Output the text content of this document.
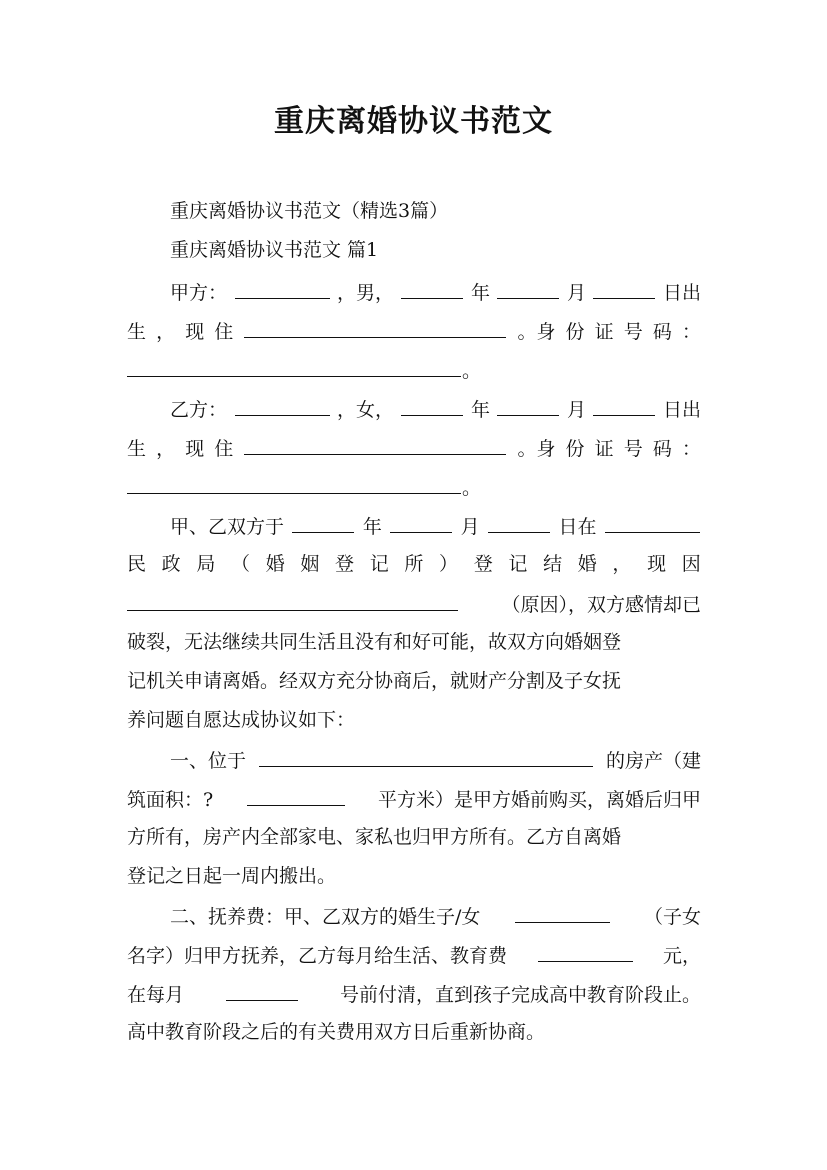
重庆离婚协议书范文
重庆离婚协议书范文（精选3篇）
重庆离婚协议书范文 篇1
甲方：	，男，	年	月	日出
生 ， 现 住	。身 份 证 号 码 ：
。
乙方：	，女，	年	月	日出
生 ， 现 住	。身 份 证 号 码 ：
。
甲、乙双方于	年	月	日在
民 政 局 （ 婚 姻 登 记 所 ） 登 记 结 婚 ， 现 因
（原因），双方感情却已
破裂，无法继续共同生活且没有和好可能，故双方向婚姻登
记机关申请离婚。经双方充分协商后，就财产分割及子女抚
养问题自愿达成协议如下：
一、位于	的房产（建
筑面积：?	平方米）是甲方婚前购买，离婚后归甲
方所有，房产内全部家电、家私也归甲方所有。乙方自离婚
登记之日起一周内搬出。
二、抚养费：甲、乙双方的婚生子/女	（子女
名字）归甲方抚养，乙方每月给生活、教育费	元，
在每月	号前付清，直到孩子完成高中教育阶段止。
高中教育阶段之后的有关费用双方日后重新协商。
